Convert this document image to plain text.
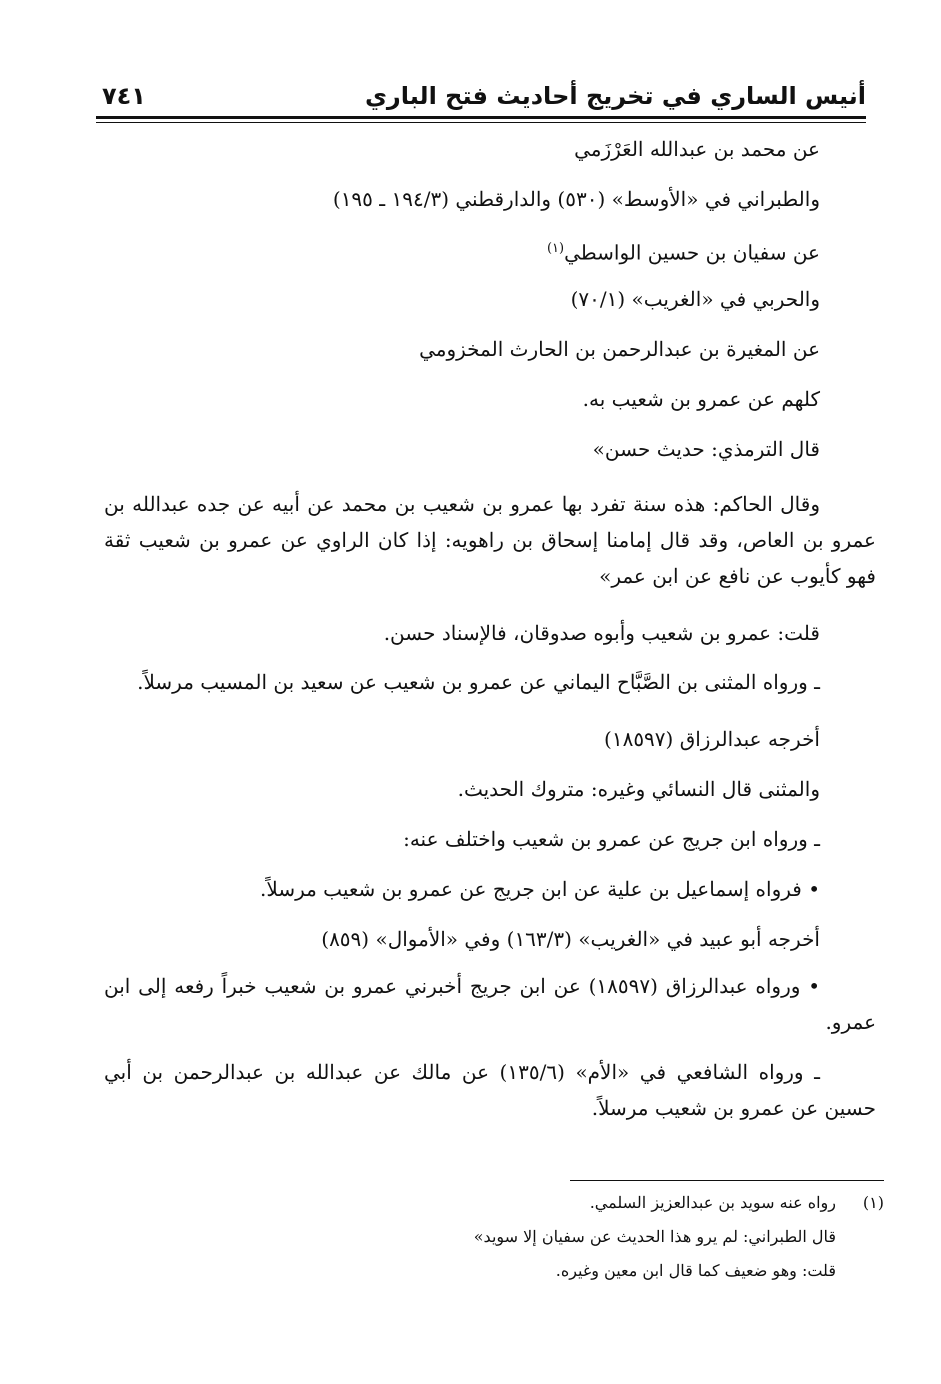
أنيس الساري في تخريج أحاديث فتح الباري
٧٤١

عن محمد بن عبدالله العَرْزَمي

والطبراني في «الأوسط» (٥٣٠) والدارقطني (١٩٤/٣ ـ ١٩٥)

عن سفيان بن حسين الواسطي$^{(١)}$

والحربي في «الغريب» (٧٠/١)

عن المغيرة بن عبدالرحمن بن الحارث المخزومي

كلهم عن عمرو بن شعيب به.

قال الترمذي: حديث حسن»

وقال الحاكم: هذه سنة تفرد بها عمرو بن شعيب بن محمد عن أبيه عن جده عبدالله بن عمرو بن العاص، وقد قال إمامنا إسحاق بن راهويه: إذا كان الراوي عن عمرو بن شعيب ثقة فهو كأيوب عن نافع عن ابن عمر»

قلت: عمرو بن شعيب وأبوه صدوقان، فالإسناد حسن.

ـ ورواه المثنى بن الصَّبَّاح اليماني عن عمرو بن شعيب عن سعيد بن المسيب مرسلاً.

أخرجه عبدالرزاق (١٨٥٩٧)

والمثنى قال النسائي وغيره: متروك الحديث.

ـ ورواه ابن جريج عن عمرو بن شعيب واختلف عنه:

• فرواه إسماعيل بن علية عن ابن جريج عن عمرو بن شعيب مرسلاً.

أخرجه أبو عبيد في «الغريب» (١٦٣/٣) وفي «الأموال» (٨٥٩)

• ورواه عبدالرزاق (١٨٥٩٧) عن ابن جريج أخبرني عمرو بن شعيب خبراً رفعه إلى ابن عمرو.

ـ ورواه الشافعي في «الأم» (١٣٥/٦) عن مالك عن عبدالله بن عبدالرحمن بن أبي حسين عن عمرو بن شعيب مرسلاً.

(١)رواه عنه سويد بن عبدالعزيز السلمي.

قال الطبراني: لم يرو هذا الحديث عن سفيان إلا سويد»

قلت: وهو ضعيف كما قال ابن معين وغيره.
